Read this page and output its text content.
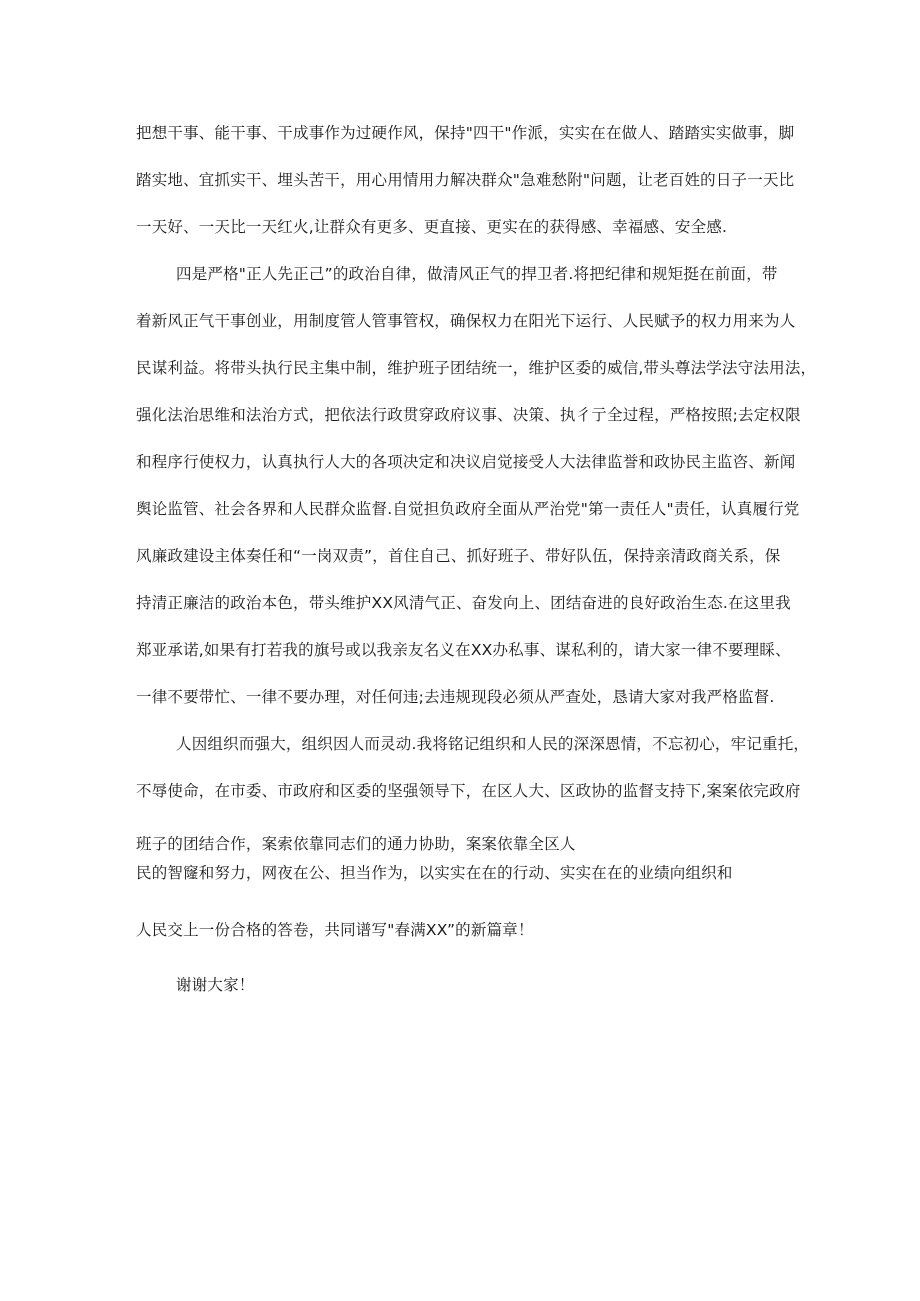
把想干事、能干事、干成事作为过硬作风，保持"四干"作派，实实在在做人、踏踏实实做事，脚
踏实地、宜抓实干、埋头苦干，用心用情用力解决群众"急难愁附"问题，让老百姓的日子一天比
一天好、一天比一天红火,让群众有更多、更直接、更实在的获得感、幸福感、安全感.
四是严格"正人先正己”的政治自律，做清风正气的捍卫者.将把纪律和规矩挺在前面，带
着新风正气干事创业，用制度管人管事管权，确保权力在阳光下运行、人民赋予的权力用来为人
民谋利益。将带头执行民主集中制，维护班子团结统一，维护区委的威信,带头尊法学法守法用法，
强化法治思维和法治方式，把依法行政贯穿政府议事、决策、执彳亍全过程，严格按照;去定权限
和程序行使权力，认真执行人大的各项决定和决议启觉接受人大法律监誉和政协民主监咨、新闻
舆论监管、社会各界和人民群众监督.自觉担负政府全面从严治党"第一责任人"责任，认真履行党
风廉政建设主体奏任和“一岗双责”，首住自己、抓好班子、带好队伍，保持亲清政商关系，保
持清正廉洁的政治本色，带头维护XX风清气正、奋发向上、团结奋进的良好政治生态.在这里我
郑亚承诺,如果有打若我的旗号或以我亲友名义在XX办私事、谋私利的，请大家一律不要理睬、
一律不要带忙、一律不要办理，对任何违;去违规现段必须从严查处，恳请大家对我严格监督.
人因组织而强大，组织因人而灵动.我将铭记组织和人民的深深恩情，不忘初心，牢记重托，
不辱使命，在市委、市政府和区委的坚强领导下，在区人大、区政协的监督支持下,案案依完政府
班子的团结合作，案索依靠同志们的通力协助，案案依靠全区人
民的智窿和努力，网夜在公、担当作为，以实实在在的行动、实实在在的业绩向组织和
人民交上一份合格的答卷，共同谱写"春满XX”的新篇章！
谢谢大家！
